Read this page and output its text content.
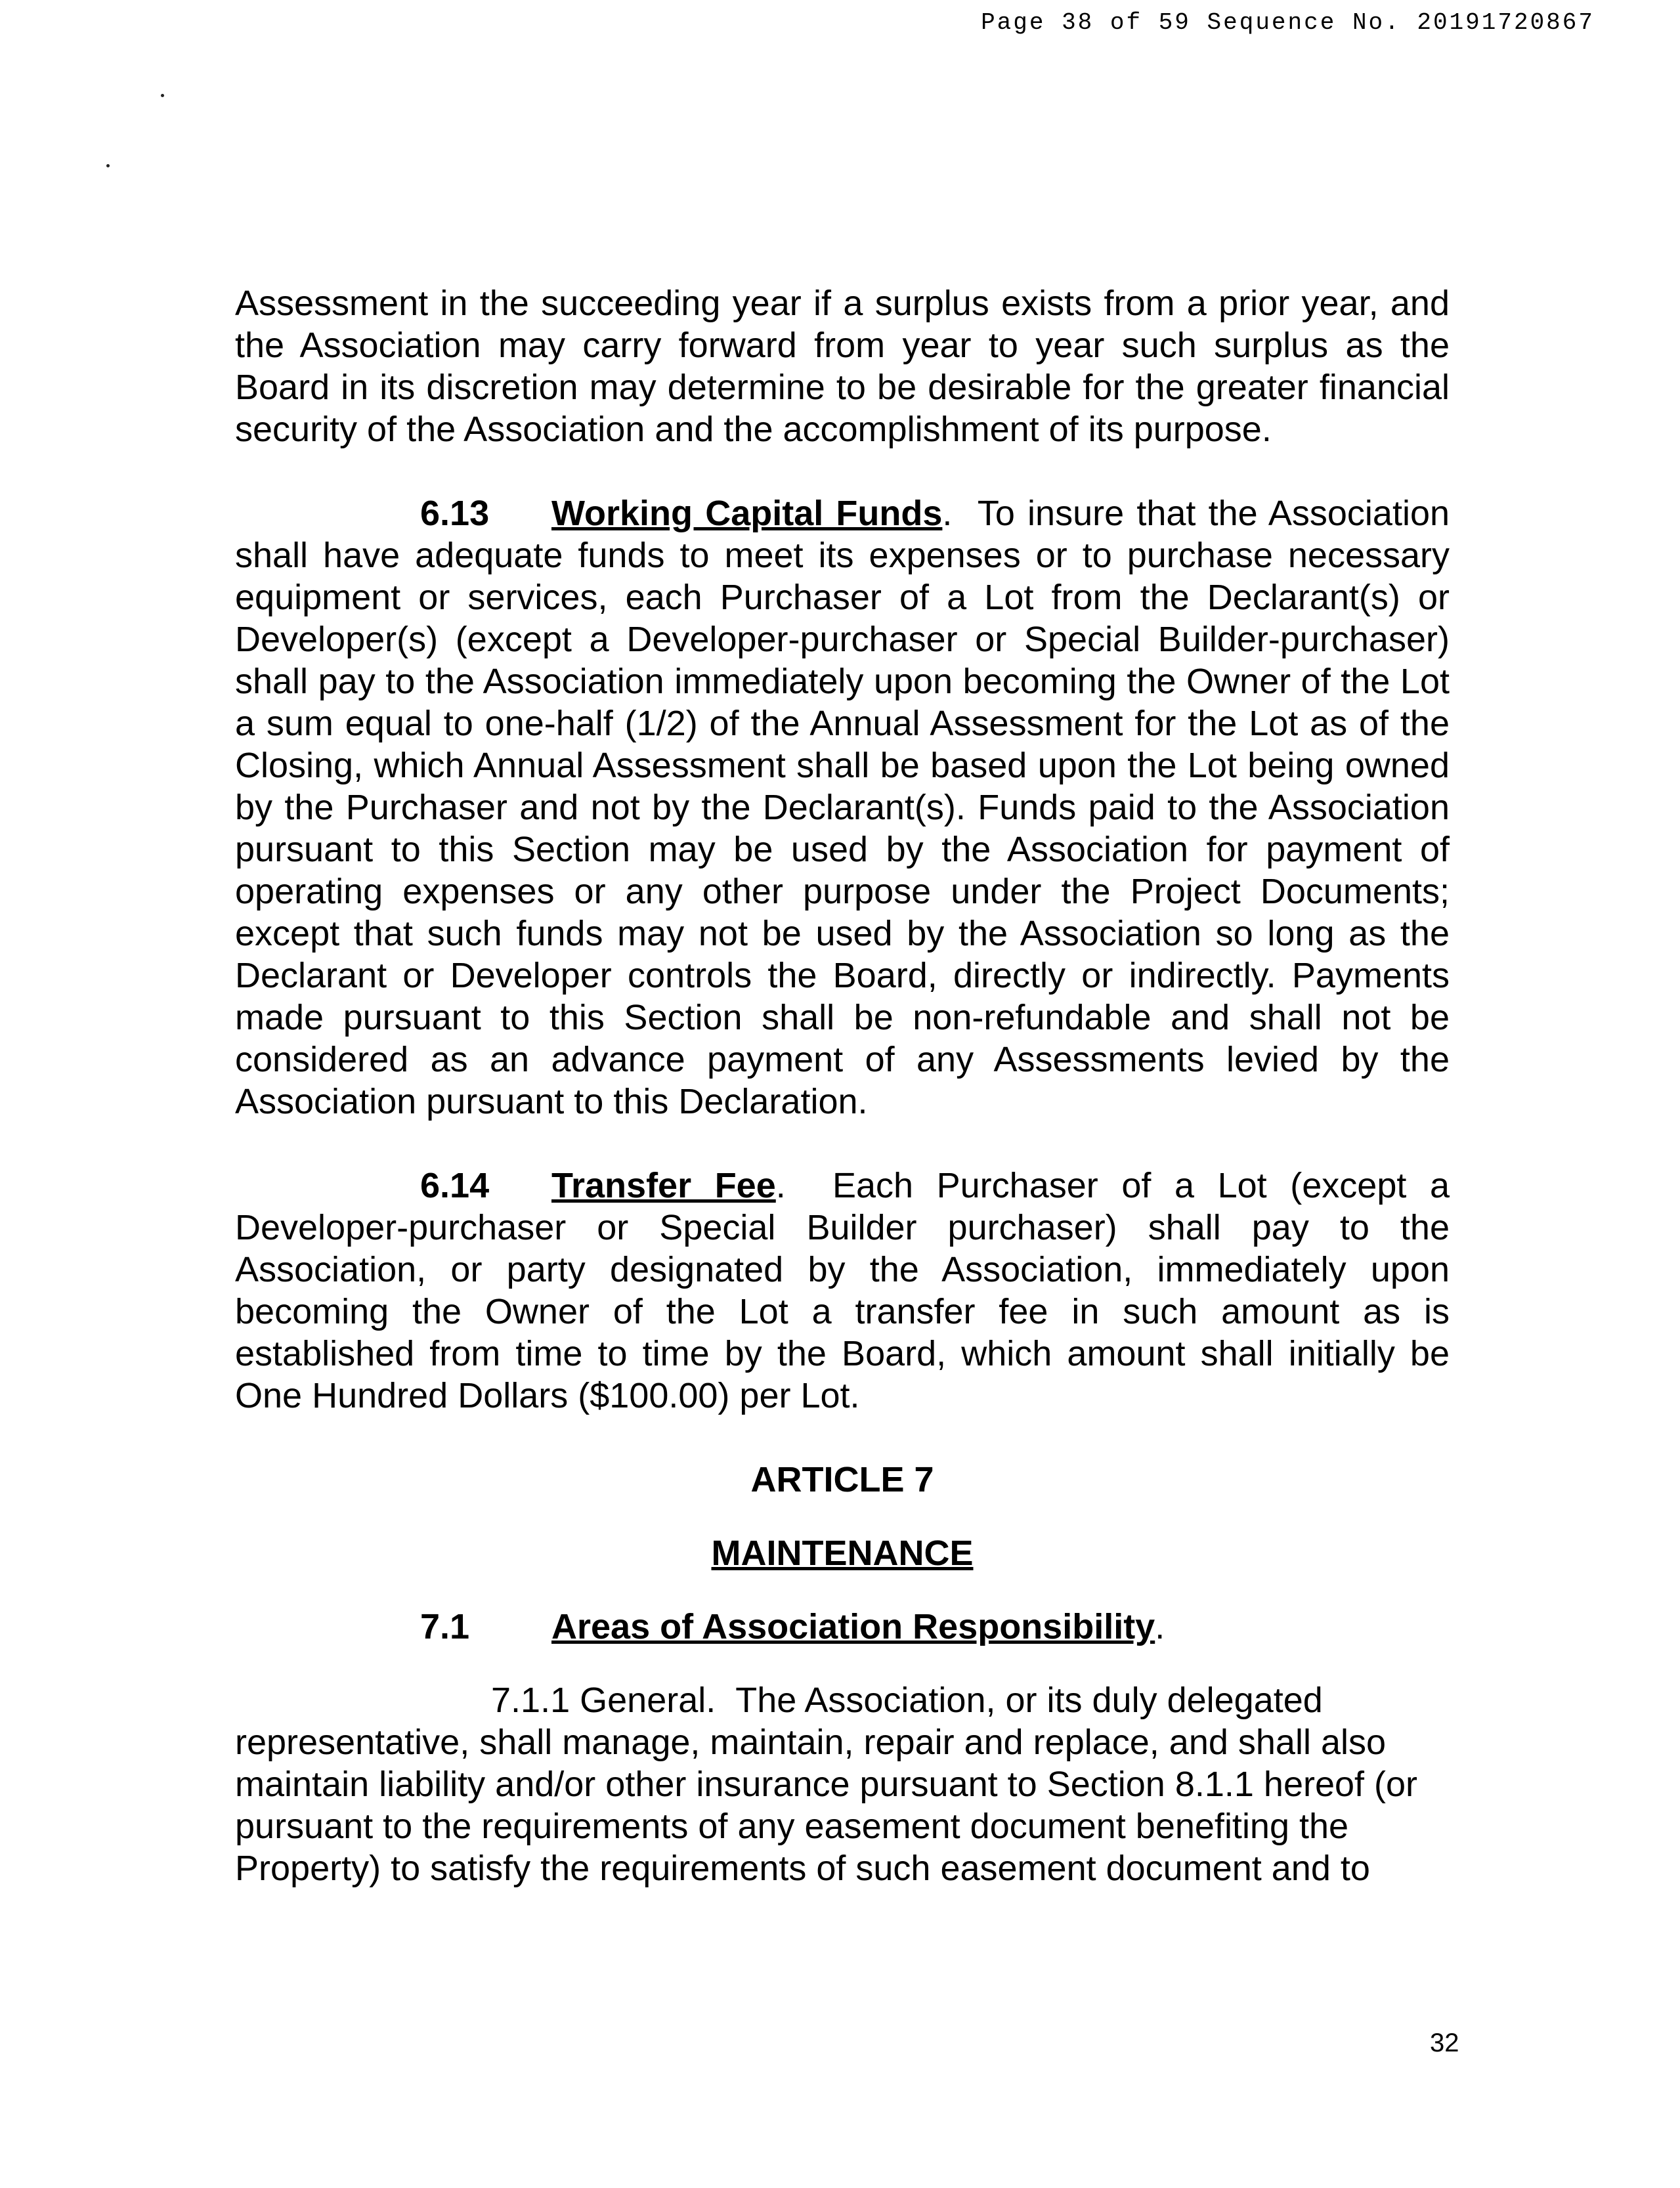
Page 38 of 59 Sequence No. 20191720867

Assessment in the succeeding year if a surplus exists from a prior year, and the Association may carry forward from year to year such surplus as the Board in its discretion may determine to be desirable for the greater financial security of the Association and the accomplishment of its purpose.

6.13 Working Capital Funds.  To insure that the Association shall have adequate funds to meet its expenses or to purchase necessary equipment or services, each Purchaser of a Lot from the Declarant(s) or Developer(s) (except a Developer-purchaser or Special Builder-purchaser) shall pay to the Association immediately upon becoming the Owner of the Lot a sum equal to one-half (1/2) of the Annual Assessment for the Lot as of the Closing, which Annual Assessment shall be based upon the Lot being owned by the Purchaser and not by the Declarant(s). Funds paid to the Association pursuant to this Section may be used by the Association for payment of operating expenses or any other purpose under the Project Documents; except that such funds may not be used by the Association so long as the Declarant or Developer controls the Board, directly or indirectly. Payments made pursuant to this Section shall be non-refundable and shall not be considered as an advance payment of any Assessments levied by the Association pursuant to this Declaration.

6.14 Transfer Fee.  Each Purchaser of a Lot (except a Developer-purchaser or Special Builder purchaser) shall pay to the Association, or party designated by the Association, immediately upon becoming the Owner of the Lot a transfer fee in such amount as is established from time to time by the Board, which amount shall initially be One Hundred Dollars ($100.00) per Lot.

ARTICLE 7

MAINTENANCE

7.1 Areas of Association Responsibility.

7.1.1 General. The Association, or its duly delegated representative, shall manage, maintain, repair and replace, and shall also maintain liability and/or other insurance pursuant to Section 8.1.1 hereof (or pursuant to the requirements of any easement document benefiting the Property) to satisfy the requirements of such easement document and to

32
